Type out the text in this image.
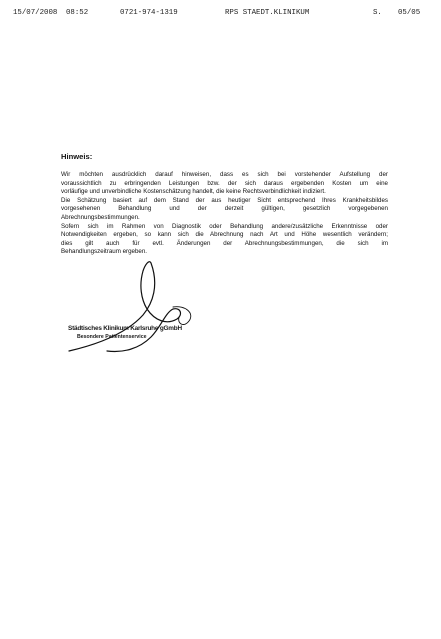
15/07/2008 08:52	0721-974-1319	RPS STAEDT.KLINIKUM	S. 05/05
Hinweis:

Wir möchten ausdrücklich darauf hinweisen, dass es sich bei vorstehender Aufstellung der
voraussichtlich zu erbringenden Leistungen bzw. der sich daraus ergebenden Kosten um eine
vorläufige und unverbindliche Kostenschätzung handelt, die keine Rechtsverbindlichkeit indiziert.

Die Schätzung basiert auf dem Stand der aus heutiger Sicht entsprechend Ihres Krankheitsbildes
vorgesehenen Behandlung und der derzeit gültigen, gesetzlich vorgegebenen
Abrechnungsbestimmungen.

Sofern sich im Rahmen von Diagnostik oder Behandlung andere/zusätzliche Erkenntnisse oder
Notwendigkeiten ergeben, so kann sich die Abrechnung nach Art und Höhe wesentlich verändern;
dies gilt auch für evtl. Änderungen der Abrechnungsbestimmungen, die sich im
Behandlungszeitraum ergeben.

Städtisches Klinikum Karlsruhe gGmbH
Besondere Patientenservice
